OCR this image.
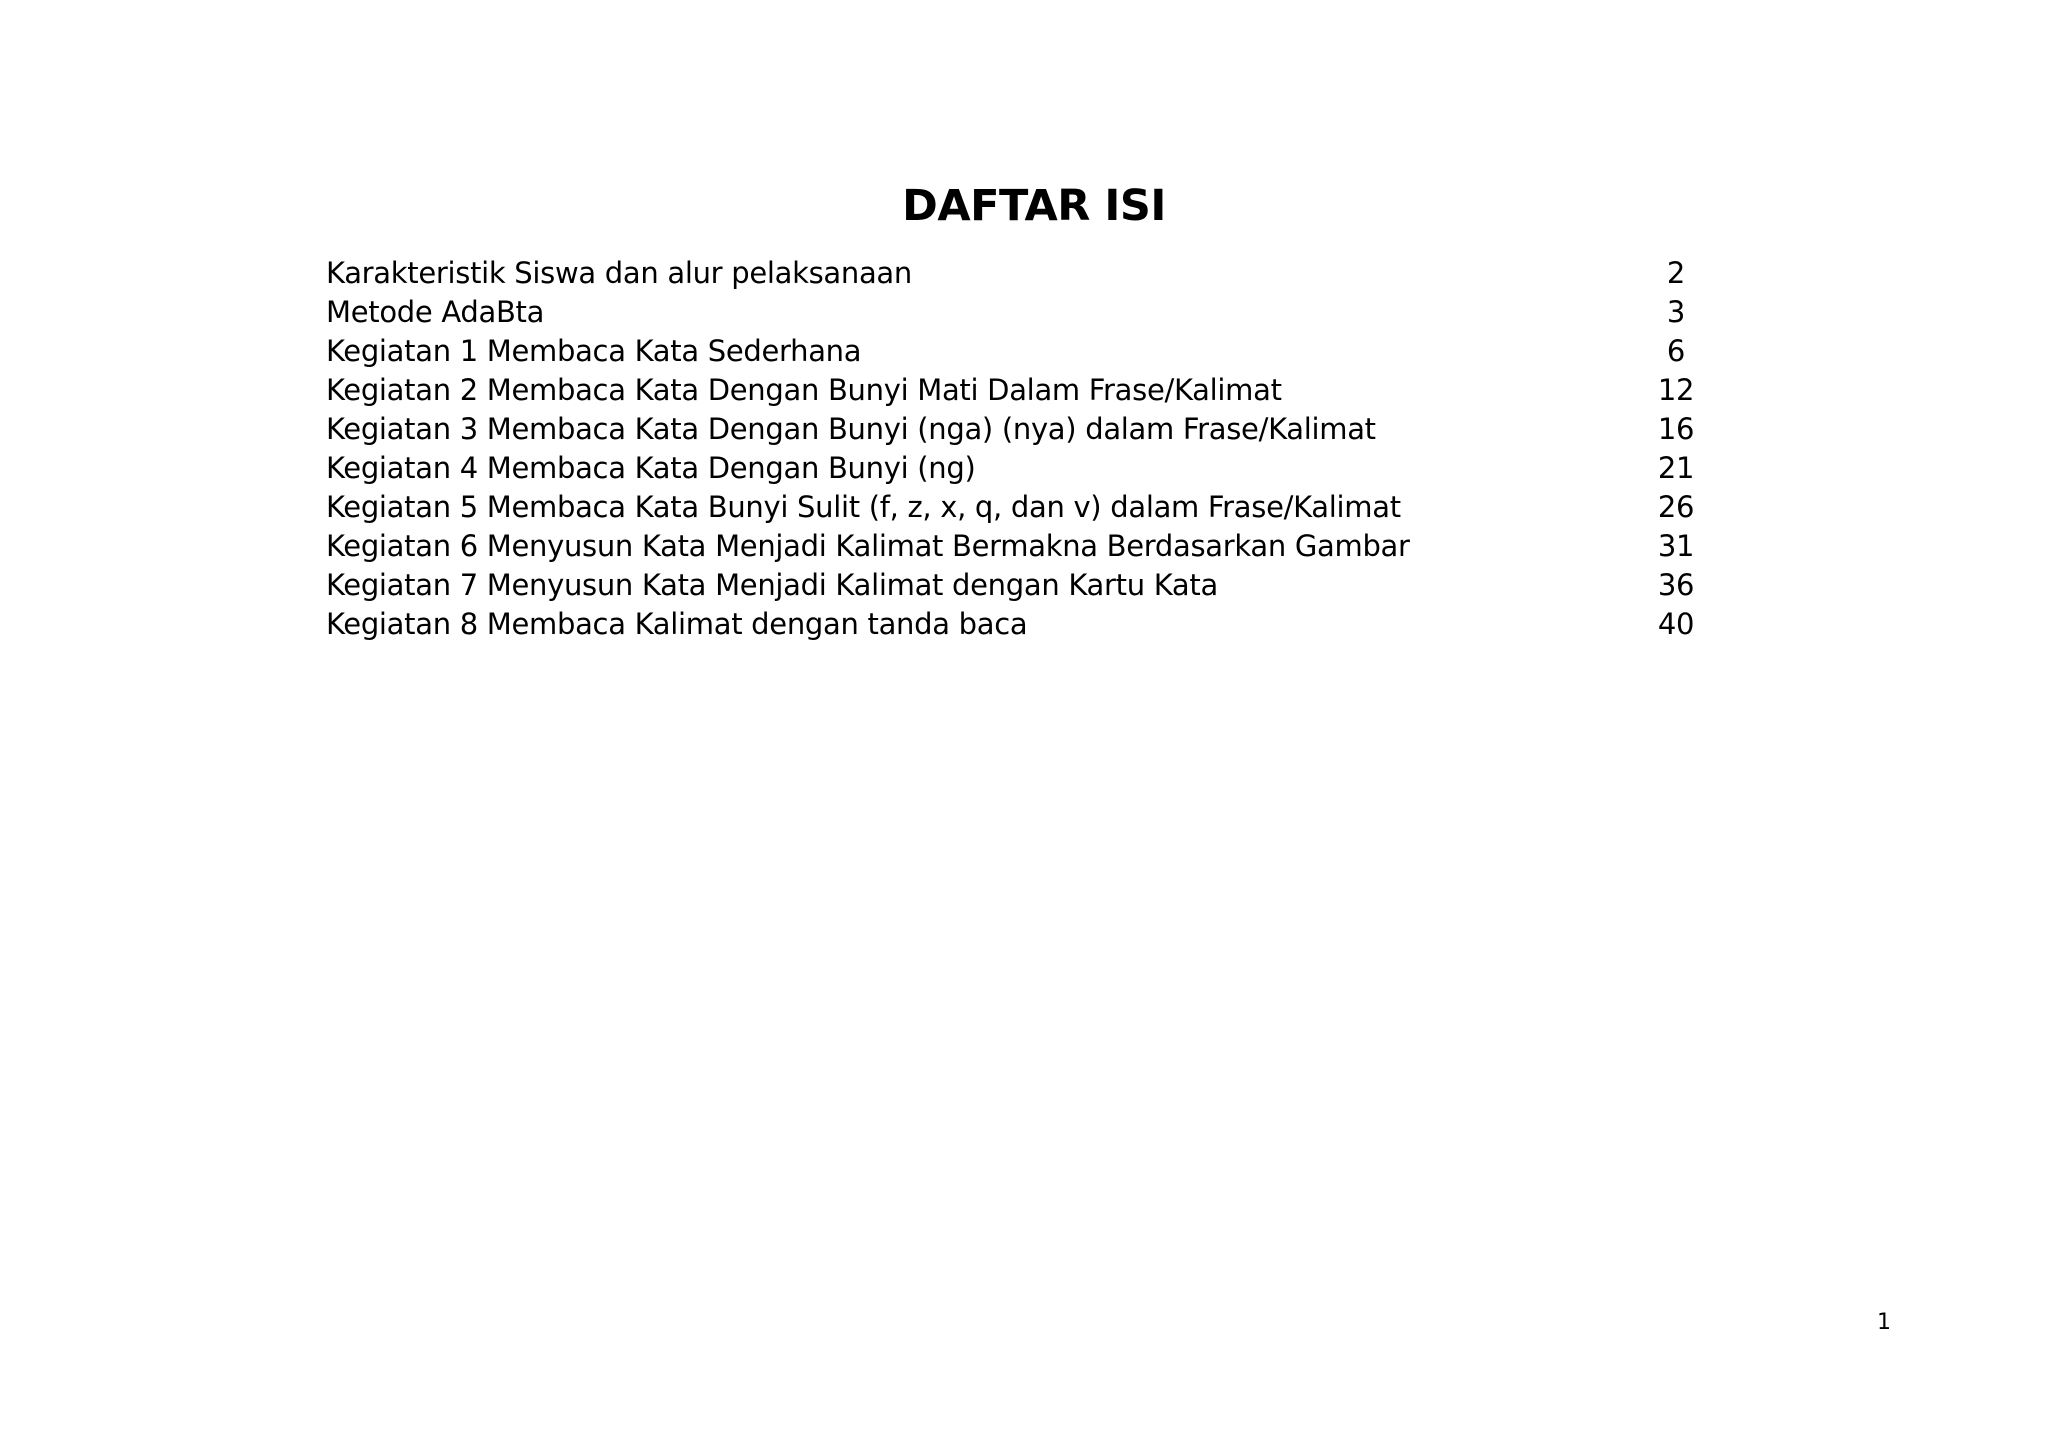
DAFTAR ISI
Karakteristik Siswa dan alur pelaksanaan	2
Metode AdaBta	3
Kegiatan 1 Membaca Kata Sederhana	6
Kegiatan 2 Membaca Kata Dengan Bunyi Mati Dalam Frase/Kalimat	12
Kegiatan 3 Membaca Kata Dengan Bunyi (nga) (nya) dalam Frase/Kalimat	16
Kegiatan 4 Membaca Kata Dengan Bunyi (ng)	21
Kegiatan 5 Membaca Kata Bunyi Sulit (f, z, x, q, dan v) dalam Frase/Kalimat	26
Kegiatan 6 Menyusun Kata Menjadi Kalimat Bermakna Berdasarkan Gambar	31
Kegiatan 7 Menyusun Kata Menjadi Kalimat dengan Kartu Kata	36
Kegiatan 8 Membaca Kalimat dengan tanda baca	40
1
